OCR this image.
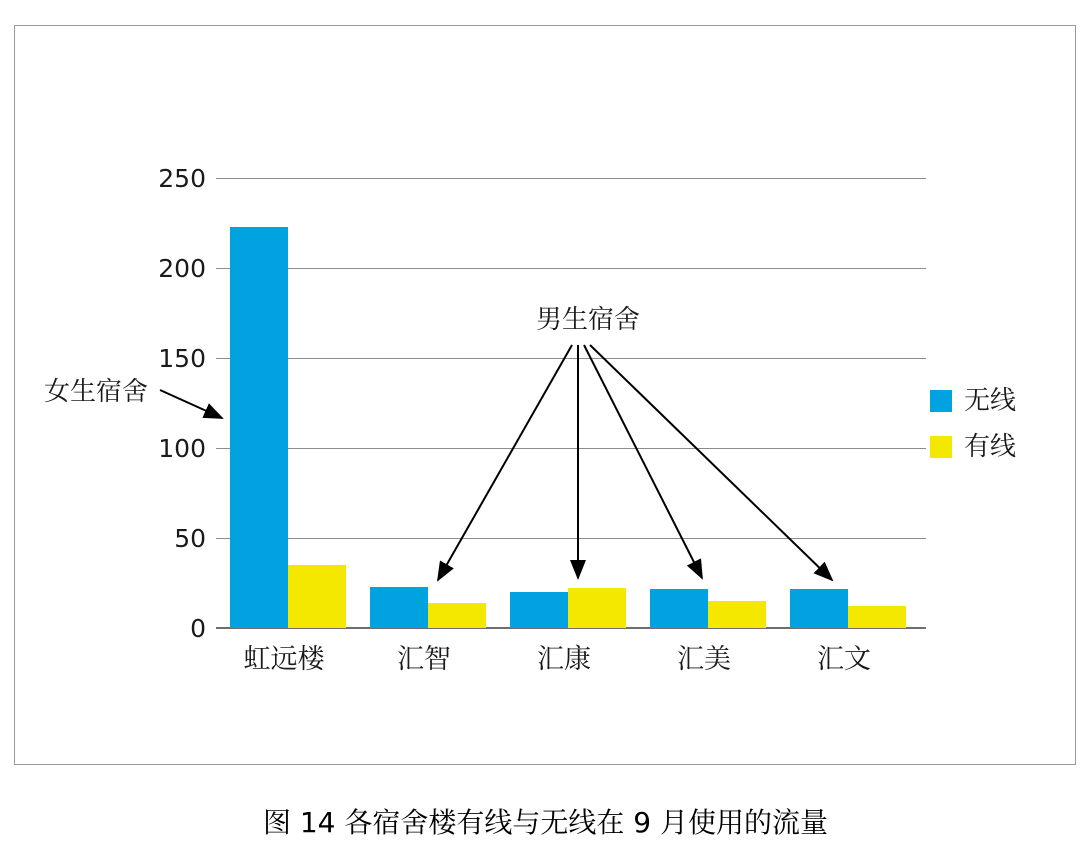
250
200
150
100
50
0
虹远楼	汇智	汇康	汇美	汇文
无线
有线
女生宿舍
男生宿舍
图 14 各宿舍楼有线与无线在 9 月使用的流量
